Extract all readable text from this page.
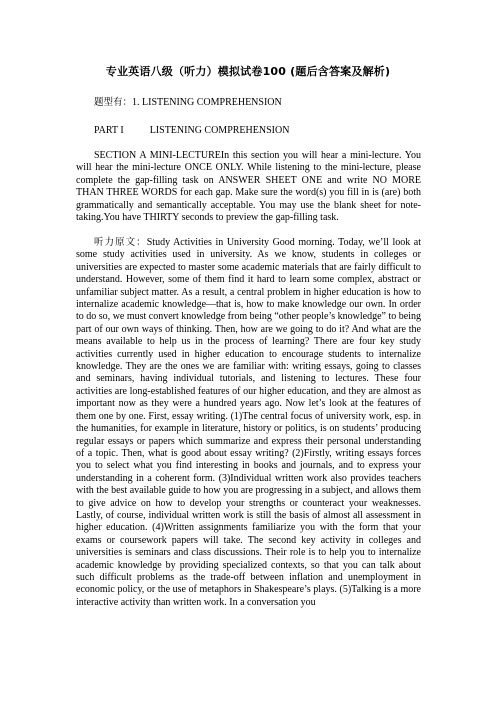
专业英语八级（听力）模拟试卷100 (题后含答案及解析)
题型有：1. LISTENING COMPREHENSION
PART I	LISTENING COMPREHENSION
SECTION A MINI-LECTUREIn this section you will hear a mini-lecture. You will hear the mini-lecture ONCE ONLY. While listening to the mini-lecture, please complete the gap-filling task on ANSWER SHEET ONE and write NO MORE THAN THREE WORDS for each gap. Make sure the word(s) you fill in is (are) both grammatically and semantically acceptable. You may use the blank sheet for note-taking.You have THIRTY seconds to preview the gap-filling task.
听力原文：Study Activities in University Good morning. Today, we’ll look at some study activities used in university. As we know, students in colleges or universities are expected to master some academic materials that are fairly difficult to understand. However, some of them find it hard to learn some complex, abstract or unfamiliar subject matter. As a result, a central problem in higher education is how to internalize academic knowledge—that is, how to make knowledge our own. In order to do so, we must convert knowledge from being “other people’s knowledge” to being part of our own ways of thinking. Then, how are we going to do it? And what are the means available to help us in the process of learning? There are four key study activities currently used in higher education to encourage students to internalize knowledge. They are the ones we are familiar with: writing essays, going to classes and seminars, having individual tutorials, and listening to lectures. These four activities are long-established features of our higher education, and they are almost as important now as they were a hundred years ago. Now let’s look at the features of them one by one. First, essay writing. (1)The central focus of university work, esp. in the humanities, for example in literature, history or politics, is on students’ producing regular essays or papers which summarize and express their personal understanding of a topic. Then, what is good about essay writing? (2)Firstly, writing essays forces you to select what you find interesting in books and journals, and to express your understanding in a coherent form. (3)Individual written work also provides teachers with the best available guide to how you are progressing in a subject, and allows them to give advice on how to develop your strengths or counteract your weaknesses. Lastly, of course, individual written work is still the basis of almost all assessment in higher education. (4)Written assignments familiarize you with the form that your exams or coursework papers will take. The second key activity in colleges and universities is seminars and class discussions. Their role is to help you to internalize academic knowledge by providing specialized contexts, so that you can talk about such difficult problems as the trade-off between inflation and unemployment in economic policy, or the use of metaphors in Shakespeare’s plays. (5)Talking is a more interactive activity than written work. In a conversation you
